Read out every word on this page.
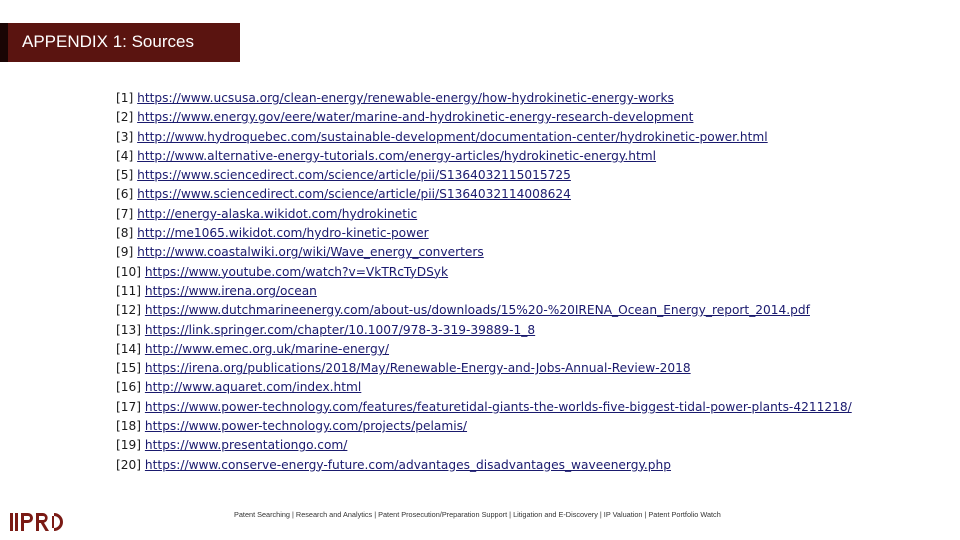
APPENDIX 1: Sources
[1] https://www.ucsusa.org/clean-energy/renewable-energy/how-hydrokinetic-energy-works
[2] https://www.energy.gov/eere/water/marine-and-hydrokinetic-energy-research-development
[3] http://www.hydroquebec.com/sustainable-development/documentation-center/hydrokinetic-power.html
[4] http://www.alternative-energy-tutorials.com/energy-articles/hydrokinetic-energy.html
[5] https://www.sciencedirect.com/science/article/pii/S1364032115015725
[6] https://www.sciencedirect.com/science/article/pii/S1364032114008624
[7] http://energy-alaska.wikidot.com/hydrokinetic
[8] http://me1065.wikidot.com/hydro-kinetic-power
[9] http://www.coastalwiki.org/wiki/Wave_energy_converters
[10] https://www.youtube.com/watch?v=VkTRcTyDSyk
[11] https://www.irena.org/ocean
[12] https://www.dutchmarineenergy.com/about-us/downloads/15%20-%20IRENA_Ocean_Energy_report_2014.pdf
[13] https://link.springer.com/chapter/10.1007/978-3-319-39889-1_8
[14] http://www.emec.org.uk/marine-energy/
[15] https://irena.org/publications/2018/May/Renewable-Energy-and-Jobs-Annual-Review-2018
[16] http://www.aquaret.com/index.html
[17] https://www.power-technology.com/features/featuretidal-giants-the-worlds-five-biggest-tidal-power-plants-4211218/
[18] https://www.power-technology.com/projects/pelamis/
[19] https://www.presentationgo.com/
[20] https://www.conserve-energy-future.com/advantages_disadvantages_waveenergy.php
Patent Searching | Research and Analytics | Patent Prosecution/Preparation Support | Litigation and E-Discovery | IP Valuation | Patent Portfolio Watch
